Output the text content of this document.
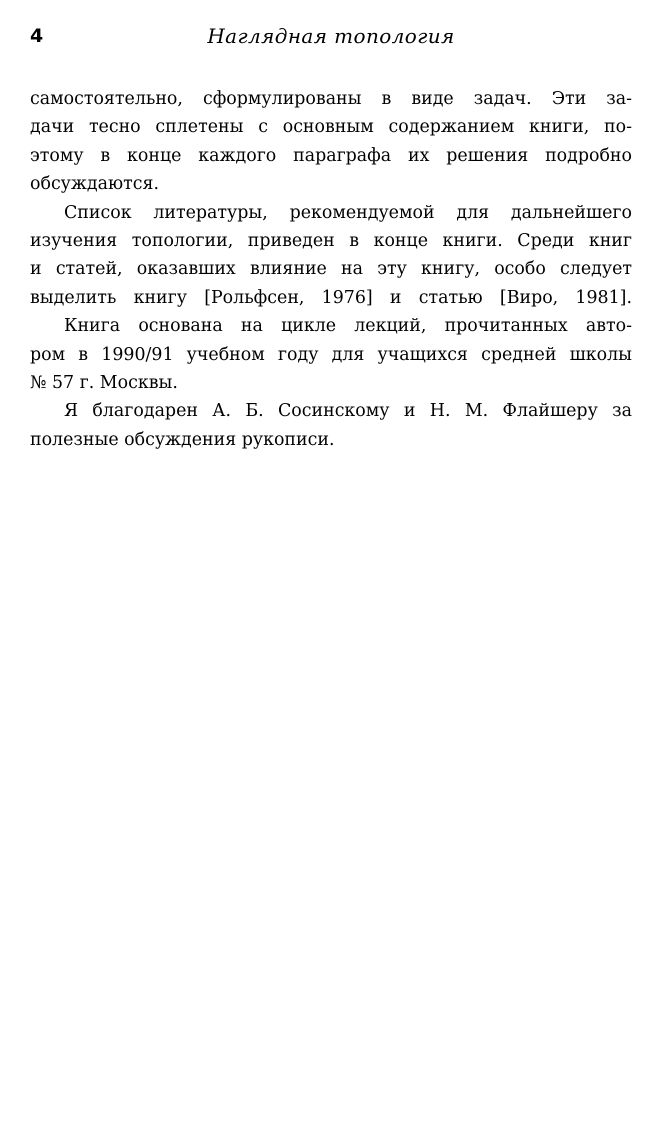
4	Наглядная топология

самостоятельно, сформулированы в виде задач. Эти за-
дачи тесно сплетены с основным содержанием книги, по-
этому в конце каждого параграфа их решения подробно
обсуждаются.

Список литературы, рекомендуемой для дальнейшего
изучения топологии, приведен в конце книги. Среди книг
и статей, оказавших влияние на эту книгу, особо следует
выделить книгу [Рольфсен, 1976] и статью [Виро, 1981].

Книга основана на цикле лекций, прочитанных авто-
ром в 1990/91 учебном году для учащихся средней школы
№ 57 г. Москвы.

Я благодарен А. Б. Сосинскому и Н. М. Флайшеру за
полезные обсуждения рукописи.
